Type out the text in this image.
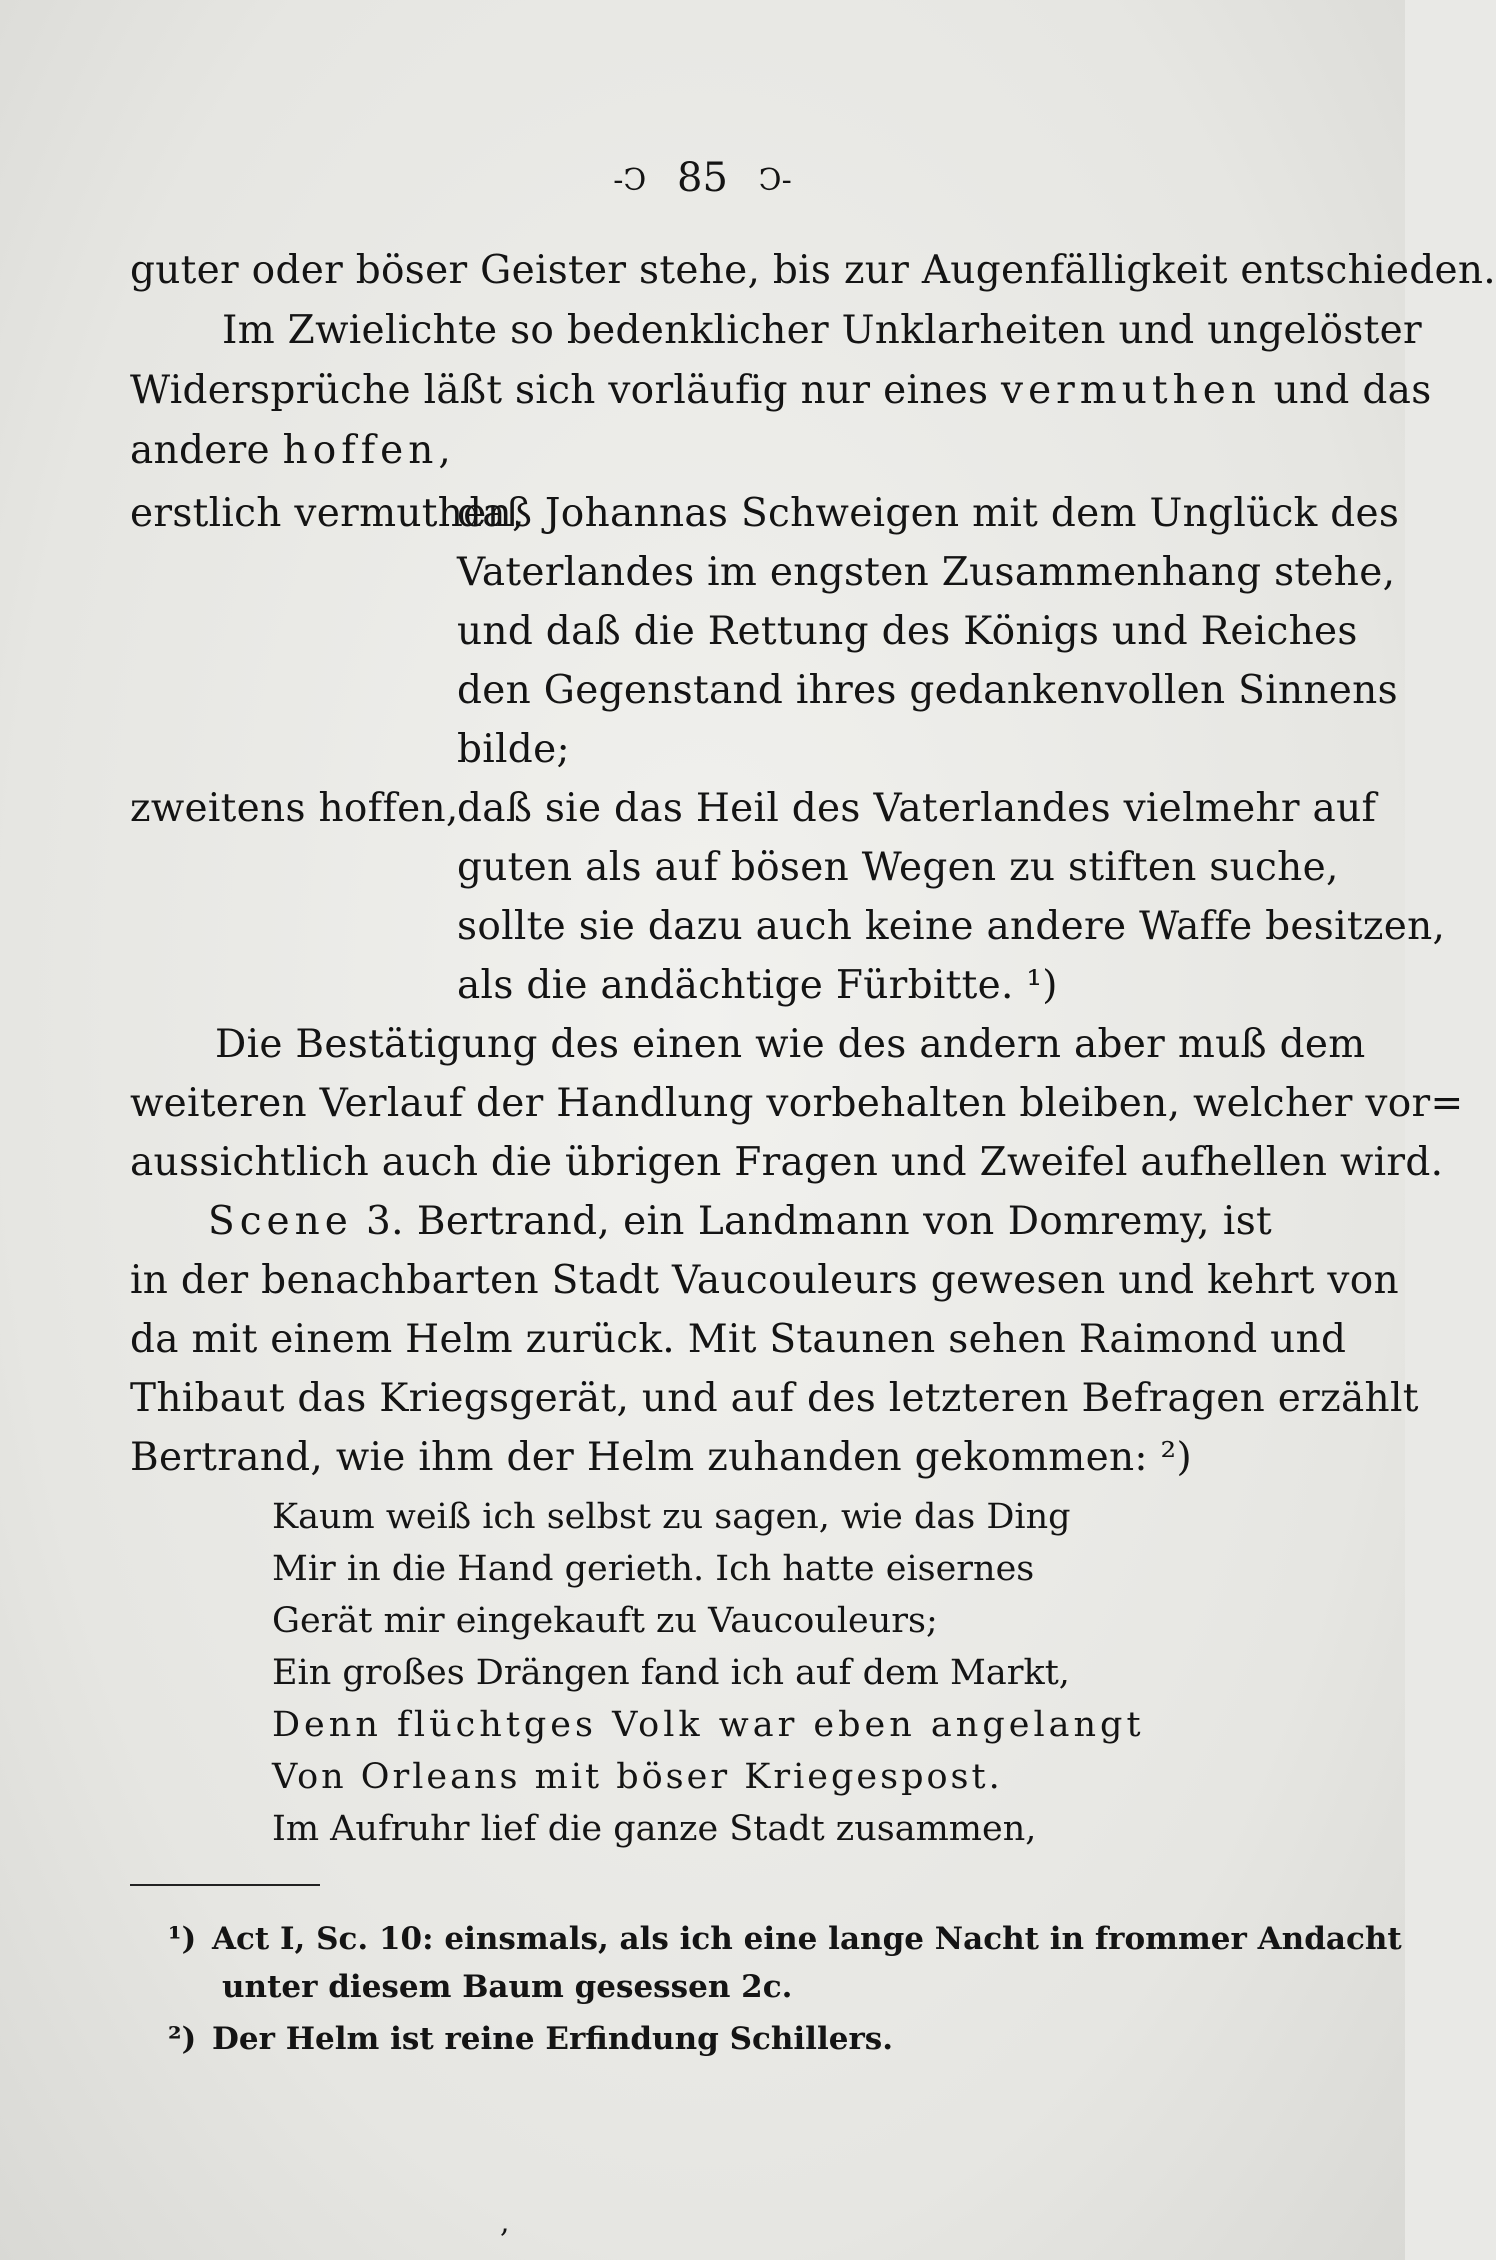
-Ↄ 85 Ↄ-
guter oder böser Geister stehe, bis zur Augenfälligkeit entschieden.
Im Zwielichte so bedenklicher Unklarheiten und ungelöster
Widersprüche läßt sich vorläufig nur eines vermuthen und das
andere hoffen,
erstlich vermuthen,
daß Johannas Schweigen mit dem Unglück des
Vaterlandes im engsten Zusammenhang stehe,
und daß die Rettung des Königs und Reiches
den Gegenstand ihres gedankenvollen Sinnens
bilde;
zweitens hoffen,
daß sie das Heil des Vaterlandes vielmehr auf
guten als auf bösen Wegen zu stiften suche,
sollte sie dazu auch keine andere Waffe besitzen,
als die andächtige Fürbitte. ¹)
Die Bestätigung des einen wie des andern aber muß dem
weiteren Verlauf der Handlung vorbehalten bleiben, welcher vor=
aussichtlich auch die übrigen Fragen und Zweifel aufhellen wird.
Scene 3. Bertrand, ein Landmann von Domremy, ist
in der benachbarten Stadt Vaucouleurs gewesen und kehrt von
da mit einem Helm zurück. Mit Staunen sehen Raimond und
Thibaut das Kriegsgerät, und auf des letzteren Befragen erzählt
Bertrand, wie ihm der Helm zuhanden gekommen: ²)
Kaum weiß ich selbst zu sagen, wie das Ding
Mir in die Hand gerieth. Ich hatte eisernes
Gerät mir eingekauft zu Vaucouleurs;
Ein großes Drängen fand ich auf dem Markt,
Denn flüchtges Volk war eben angelangt
Von Orleans mit böser Kriegespost.
Im Aufruhr lief die ganze Stadt zusammen,
¹) Act I, Sc. 10: einsmals, als ich eine lange Nacht in frommer Andacht
unter diesem Baum gesessen 2c.
²) Der Helm ist reine Erfindung Schillers.
,
